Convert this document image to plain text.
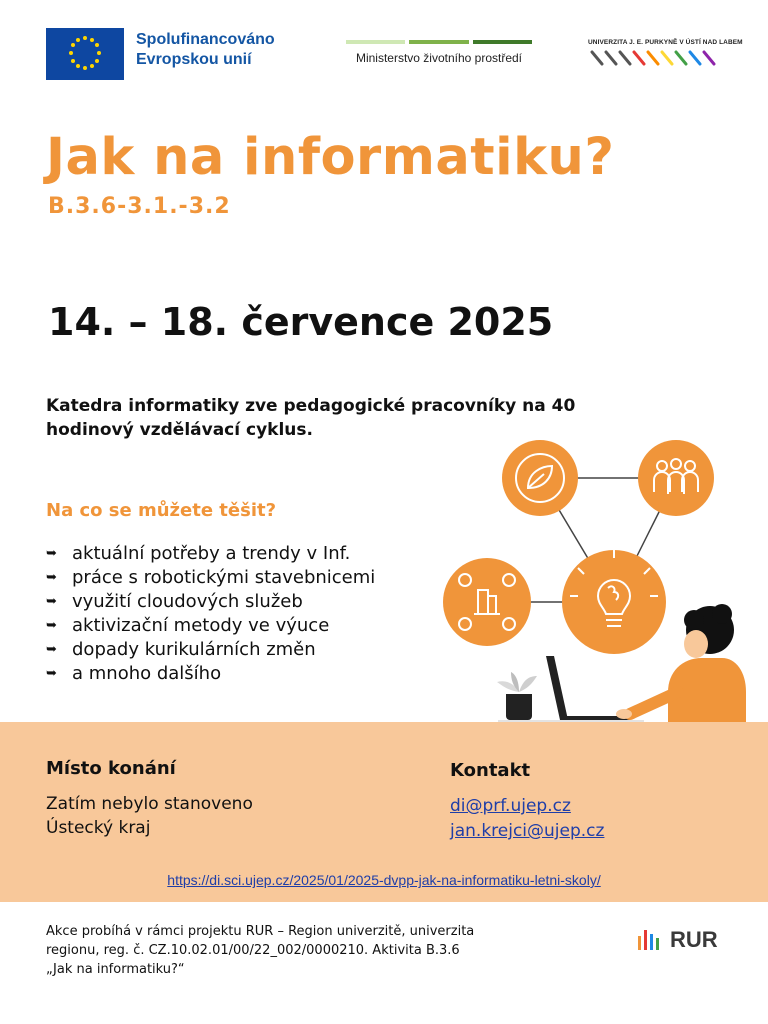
Spolufinancováno
Evropskou unií	Ministerstvo životního prostředí
UNIVERZITA J. E. PURKYNĚ V ÚSTÍ NAD LABEM
Jak na informatiku?
B.3.6-3.1.-3.2
14. – 18. července 2025
Katedra informatiky zve pedagogické pracovníky na 40 hodinový vzdělávací cyklus.
Na co se můžete těšit?
➥ aktuální potřeby a trendy v Inf.
➥ práce s robotickými stavebnicemi
➥ využití cloudových služeb
➥ aktivizační metody ve výuce
➥ dopady kurikulárních změn
➥ a mnoho dalšího
Místo konání
Zatím nebylo stanoveno
Ústecký kraj
Kontakt
di@prf.ujep.cz
jan.krejci@ujep.cz
https://di.sci.ujep.cz/2025/01/2025-dvpp-jak-na-informatiku-letni-skoly/
Akce probíhá v rámci projektu RUR – Region univerzitě, univerzita
regionu, reg. č. CZ.10.02.01/00/22_002/0000210. Aktivita B.3.6
„Jak na informatiku?“
RUR
